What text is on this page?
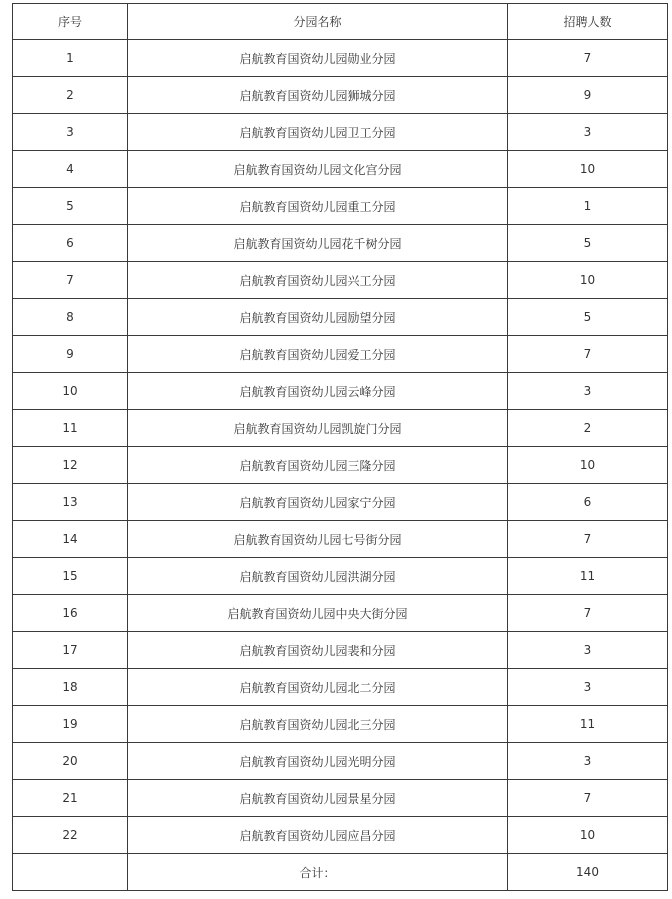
序号	分园名称	招聘人数
1	启航教育国资幼儿园勋业分园	7
2	启航教育国资幼儿园狮城分园	9
3	启航教育国资幼儿园卫工分园	3
4	启航教育国资幼儿园文化宫分园	10
5	启航教育国资幼儿园重工分园	1
6	启航教育国资幼儿园花千树分园	5
7	启航教育国资幼儿园兴工分园	10
8	启航教育国资幼儿园励望分园	5
9	启航教育国资幼儿园爱工分园	7
10	启航教育国资幼儿园云峰分园	3
11	启航教育国资幼儿园凯旋门分园	2
12	启航教育国资幼儿园三隆分园	10
13	启航教育国资幼儿园家宁分园	6
14	启航教育国资幼儿园七号街分园	7
15	启航教育国资幼儿园洪湖分园	11
16	启航教育国资幼儿园中央大街分园	7
17	启航教育国资幼儿园裴和分园	3
18	启航教育国资幼儿园北二分园	3
19	启航教育国资幼儿园北三分园	11
20	启航教育国资幼儿园光明分园	3
21	启航教育国资幼儿园景星分园	7
22	启航教育国资幼儿园应昌分园	10
	合计：	140
